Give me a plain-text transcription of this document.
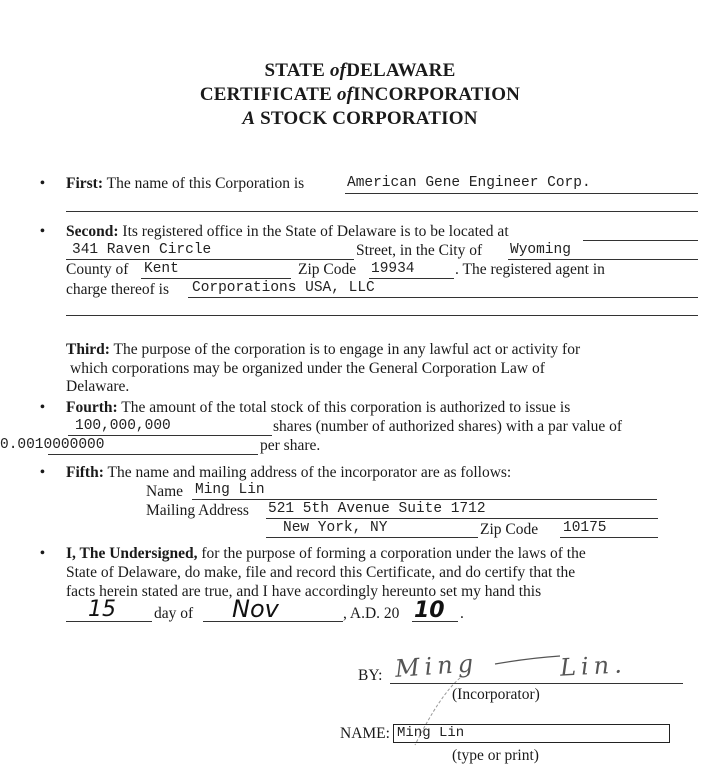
STATE ofDELAWARE
CERTIFICATE ofINCORPORATION
A STOCK CORPORATION
• First: The name of this Corporation is	American Gene Engineer Corp.
• Second: Its registered office in the State of Delaware is to be located at
341 Raven Circle	Street, in the City of Wyoming
County of Kent	Zip Code 19934	. The registered agent in
charge thereof is Corporations USA, LLC
Third: The purpose of the corporation is to engage in any lawful act or activity for
which corporations may be organized under the General Corporation Law of
Delaware.
• Fourth: The amount of the total stock of this corporation is authorized to issue is
100,000,000	shares (number of authorized shares) with a par value of
0.0010000000	per share.
• Fifth: The name and mailing address of the incorporator are as follows:
Name Ming Lin
Mailing Address 521 5th Avenue Suite 1712
New York, NY	Zip Code 10175
• I, The Undersigned, for the purpose of forming a corporation under the laws of the
State of Delaware, do make, file and record this Certificate, and do certify that the
facts herein stated are true, and I have accordingly hereunto set my hand this
15 day of Nov	, A.D. 20 10 .
BY: Ming	Lin.
(Incorporator)
NAME: Ming Lin
(type or print)
